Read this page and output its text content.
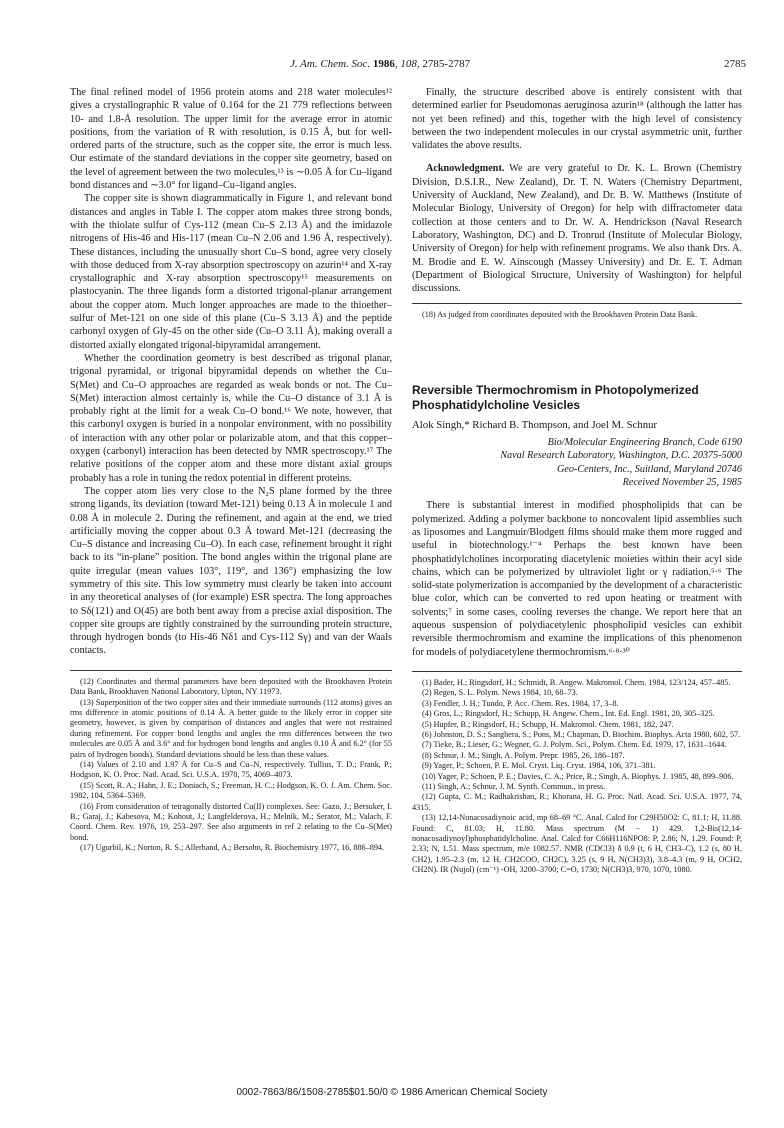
J. Am. Chem. Soc. 1986, 108, 2785-2787	2785

The final refined model of 1956 protein atoms and 218 water molecules¹² gives a crystallographic R value of 0.164 for the 21 779 reflections between 10- and 1.8-Å resolution. The upper limit for the average error in atomic positions, from the variation of R with resolution, is 0.15 Å, but for well-ordered parts of the structure, such as the copper site, the error is much less. Our estimate of the standard deviations in the copper site geometry, based on the level of agreement between the two molecules,¹³ is ∼0.05 Å for Cu–ligand bond distances and ∼3.0° for ligand–Cu–ligand angles.

The copper site is shown diagrammatically in Figure 1, and relevant bond distances and angles in Table I. The copper atom makes three strong bonds, with the thiolate sulfur of Cys-112 (mean Cu–S 2.13 Å) and the imidazole nitrogens of His-46 and His-117 (mean Cu–N 2.06 and 1.96 Å, respectively). These distances, including the unusually short Cu–S bond, agree very closely with those deduced from X-ray absorption spectroscopy on azurin¹⁴ and X-ray crystallographic and X-ray absorption spectroscopy¹⁵ measurements on plastocyanin. The three ligands form a distorted trigonal-planar arrangement about the copper atom. Much longer approaches are made to the thioether–sulfur of Met-121 on one side of this plane (Cu–S 3.13 Å) and the peptide carbonyl oxygen of Gly-45 on the other side (Cu–O 3.11 Å), making overall a distorted axially elongated trigonal-bipyramidal arrangement.

Whether the coordination geometry is best described as trigonal planar, trigonal pyramidal, or trigonal bipyramidal depends on whether the Cu–S(Met) and Cu–O approaches are regarded as weak bonds or not. The Cu–S(Met) interaction almost certainly is, while the Cu–O distance of 3.1 Å is probably right at the limit for a weak Cu–O bond.¹⁶ We note, however, that this carbonyl oxygen is buried in a nonpolar environment, with no possibility of interaction with any other polar or polarizable atom, and that this copper–oxygen (carbonyl) interaction has been detected by NMR spectroscopy.¹⁷ The relative positions of the copper atom and these more distant axial groups probably has a role in tuning the redox potential in different proteins.

The copper atom lies very close to the N₂S plane formed by the three strong ligands, its deviation (toward Met-121) being 0.13 Å in molecule 1 and 0.08 Å in molecule 2. During the refinement, and again at the end, we tried artificially moving the copper about 0.3 Å toward Met-121 (decreasing the Cu–S distance and increasing Cu–O). In each case, refinement brought it right back to its “in-plane” position. The bond angles within the trigonal plane are quite irregular (mean values 103°, 119°, and 136°) emphasizing the low symmetry of this site. This low symmetry must clearly be taken into account in any theoretical analyses of (for example) ESR spectra. The long approaches to Sδ(121) and O(45) are both bent away from a precise axial disposition. The copper site groups are tightly constrained by the surrounding protein structure, through hydrogen bonds (to His-46 Nδ1 and Cys-112 Sγ) and van der Waals contacts.

(12) Coordinates and thermal parameters have been deposited with the Brookhaven Protein Data Bank, Brookhaven National Laboratory, Upton, NY 11973.

(13) Superposition of the two copper sites and their immediate surrounds (112 atoms) gives an rms difference in atomic positions of 0.14 Å. A better guide to the likely error in copper site geometry, however, is given by comparison of distances and angles that were not restrained during refinement. For copper bond lengths and angles the rms differences between the two molecules are 0.05 Å and 3.6° and for hydrogen bond lengths and angles 0.10 Å and 6.2° (for 55 pairs of hydrogen bonds). Standard deviations should be less than these values.

(14) Values of 2.10 and 1.97 Å for Cu–S and Cu–N, respectively. Tullius, T. D.; Frank, P.; Hodgson, K. O. Proc. Natl. Acad. Sci. U.S.A. 1978, 75, 4069–4073.

(15) Scott, R. A.; Hahn, J. E.; Doniach, S.; Freeman, H. C.; Hodgson, K. O. J. Am. Chem. Soc. 1982, 104, 5364–5369.

(16) From consideration of tetragonally distorted Cu(II) complexes. See: Gazo, J.; Bersuker, I. B.; Garaj, J.; Kabesova, M.; Kohout, J.; Langfelderova, H.; Melnik, M.; Serator, M.; Valach, F. Coord. Chem. Rev. 1976, 19, 253–297. See also arguments in ref 2 relating to the Cu–S(Met) bond.

(17) Ugurbil, K.; Norton, R. S.; Allerhand, A.; Bersohn, R. Biochemistry 1977, 16, 886–894.

Finally, the structure described above is entirely consistent with that determined earlier for Pseudomonas aeruginosa azurin¹⁸ (although the latter has not yet been refined) and this, together with the high level of consistency between the two independent molecules in our crystal asymmetric unit, further validates the above results.

Acknowledgment. We are very grateful to Dr. K. L. Brown (Chemistry Division, D.S.I.R., New Zealand), Dr. T. N. Waters (Chemistry Department, University of Auckland, New Zealand), and Dr. B. W. Matthews (Institute of Molecular Biology, University of Oregon) for help with diffractometer data collection at those centers and to Dr. W. A. Hendrickson (Naval Research Laboratory, Washington, DC) and D. Tronrud (Institute of Molecular Biology, University of Oregon) for help with refinement programs. We also thank Drs. A. M. Brodie and E. W. Ainscough (Massey University) and Dr. E. T. Adman (Department of Biological Structure, University of Washington) for helpful discussions.

(18) As judged from coordinates deposited with the Brookhaven Protein Data Bank.

Reversible Thermochromism in Photopolymerized Phosphatidylcholine Vesicles
Alok Singh,* Richard B. Thompson, and Joel M. Schnur
Bio/Molecular Engineering Branch, Code 6190
Naval Research Laboratory, Washington, D.C. 20375-5000
Geo-Centers, Inc., Suitland, Maryland 20746
Received November 25, 1985

There is substantial interest in modified phospholipids that can be polymerized. Adding a polymer backbone to noncovalent lipid assemblies such as liposomes and Langmuir/Blodgett films should make them more rugged and useful in biotechnology.¹⁻⁴ Perhaps the best known have been phosphatidylcholines incorporating diacetylenic moieties within their acyl side chains, which can be polymerized by ultraviolet light or γ radiation.⁵·⁶ The solid-state polymerization is accompanied by the development of a characteristic blue color, which can be converted to red upon heating or treatment with solvents;⁷ in some cases, cooling reverses the change. We report here that an aqueous suspension of polydiacetylenic phospholipid vesicles can exhibit reversible thermochromism and examine the implications of this phenomenon for models of polydiacetylene thermochromism.⁶·⁸·³⁰

(1) Bader, H.; Ringsdorf, H.; Schmidt, B. Angew. Makromol. Chem. 1984, 123/124, 457–485.

(2) Regen, S. L. Polym. News 1984, 10, 68–73.

(3) Fendler, J. H.; Tundo, P. Acc. Chem. Res. 1984, 17, 3–8.

(4) Gros, L.; Ringsdorf, H.; Schupp, H. Angew. Chem., Int. Ed. Engl. 1981, 20, 305–325.

(5) Hupfer, B.; Ringsdorf, H.; Schupp, H. Makromol. Chem. 1981, 182, 247.

(6) Johnston, D. S.; Sanghera, S.; Pons, M.; Chapman, D. Biochim. Biophys. Acta 1980, 602, 57.

(7) Tieke, B.; Lieser, G.; Wegner, G. J. Polym. Sci., Polym. Chem. Ed. 1979, 17, 1631–1644.

(8) Schnur, J. M.; Singh, A. Polym. Prepr. 1985, 26, 186–187.

(9) Yager, P.; Schoen, P. E. Mol. Cryst. Liq. Cryst. 1984, 106, 371–381.

(10) Yager, P.; Schoen, P. E.; Davies, C. A.; Price, R.; Singh, A. Biophys. J. 1985, 48, 899–906.

(11) Singh, A.; Schnur, J. M. Synth. Commun., in press.

(12) Gupta, C. M.; Radhakrishan, R.; Khorana, H. G. Proc. Natl. Acad. Sci. U.S.A. 1977, 74, 4315.

(13) 12,14-Nonacosadiynoic acid, mp 68–69 °C. Anal. Calcd for C29H50O2: C, 81.1; H, 11.88. Found: C, 81.03; H, 11.80. Mass spectrum (M − 1) 429. 1,2-Bis(12,14-nonacosadiynoyl)phosphatidylcholine. Anal. Calcd for C66H116NPO8: P, 2.86; N, 1.29. Found: P, 2.33; N, 1.51. Mass spectrum, m/e 1082.57. NMR (CDCl3) δ 0.9 (t, 6 H, CH3–C), 1.2 (s, 80 H, CH2), 1.95–2.3 (m, 12 H, CH2COO, CH2C), 3.25 (s, 9 H, N(CH3)3), 3.8–4.3 (m, 9 H, OCH2, CH2N). IR (Nujol) (cm⁻¹) -OH, 3200–3700; C=O, 1730; N(CH3)3, 970, 1070, 1080.

0002-7863/86/1508-2785$01.50/0 © 1986 American Chemical Society
